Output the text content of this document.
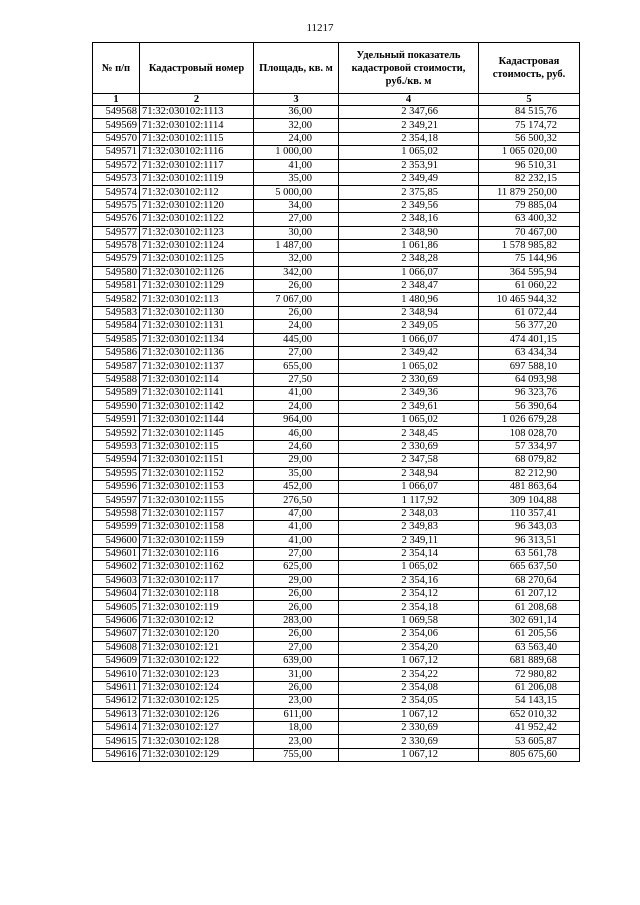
11217
№ п/п	Кадастровый номер	Площадь, кв. м	Удельный показатель кадастровой стоимости, руб./кв. м	Кадастровая стоимость, руб.
1	2	3	4	5
549568	71:32:030102:1113	36,00	2 347,66	84 515,76
549569	71:32:030102:1114	32,00	2 349,21	75 174,72
549570	71:32:030102:1115	24,00	2 354,18	56 500,32
549571	71:32:030102:1116	1 000,00	1 065,02	1 065 020,00
549572	71:32:030102:1117	41,00	2 353,91	96 510,31
549573	71:32:030102:1119	35,00	2 349,49	82 232,15
549574	71:32:030102:112	5 000,00	2 375,85	11 879 250,00
549575	71:32:030102:1120	34,00	2 349,56	79 885,04
549576	71:32:030102:1122	27,00	2 348,16	63 400,32
549577	71:32:030102:1123	30,00	2 348,90	70 467,00
549578	71:32:030102:1124	1 487,00	1 061,86	1 578 985,82
549579	71:32:030102:1125	32,00	2 348,28	75 144,96
549580	71:32:030102:1126	342,00	1 066,07	364 595,94
549581	71:32:030102:1129	26,00	2 348,47	61 060,22
549582	71:32:030102:113	7 067,00	1 480,96	10 465 944,32
549583	71:32:030102:1130	26,00	2 348,94	61 072,44
549584	71:32:030102:1131	24,00	2 349,05	56 377,20
549585	71:32:030102:1134	445,00	1 066,07	474 401,15
549586	71:32:030102:1136	27,00	2 349,42	63 434,34
549587	71:32:030102:1137	655,00	1 065,02	697 588,10
549588	71:32:030102:114	27,50	2 330,69	64 093,98
549589	71:32:030102:1141	41,00	2 349,36	96 323,76
549590	71:32:030102:1142	24,00	2 349,61	56 390,64
549591	71:32:030102:1144	964,00	1 065,02	1 026 679,28
549592	71:32:030102:1145	46,00	2 348,45	108 028,70
549593	71:32:030102:115	24,60	2 330,69	57 334,97
549594	71:32:030102:1151	29,00	2 347,58	68 079,82
549595	71:32:030102:1152	35,00	2 348,94	82 212,90
549596	71:32:030102:1153	452,00	1 066,07	481 863,64
549597	71:32:030102:1155	276,50	1 117,92	309 104,88
549598	71:32:030102:1157	47,00	2 348,03	110 357,41
549599	71:32:030102:1158	41,00	2 349,83	96 343,03
549600	71:32:030102:1159	41,00	2 349,11	96 313,51
549601	71:32:030102:116	27,00	2 354,14	63 561,78
549602	71:32:030102:1162	625,00	1 065,02	665 637,50
549603	71:32:030102:117	29,00	2 354,16	68 270,64
549604	71:32:030102:118	26,00	2 354,12	61 207,12
549605	71:32:030102:119	26,00	2 354,18	61 208,68
549606	71:32:030102:12	283,00	1 069,58	302 691,14
549607	71:32:030102:120	26,00	2 354,06	61 205,56
549608	71:32:030102:121	27,00	2 354,20	63 563,40
549609	71:32:030102:122	639,00	1 067,12	681 889,68
549610	71:32:030102:123	31,00	2 354,22	72 980,82
549611	71:32:030102:124	26,00	2 354,08	61 206,08
549612	71:32:030102:125	23,00	2 354,05	54 143,15
549613	71:32:030102:126	611,00	1 067,12	652 010,32
549614	71:32:030102:127	18,00	2 330,69	41 952,42
549615	71:32:030102:128	23,00	2 330,69	53 605,87
549616	71:32:030102:129	755,00	1 067,12	805 675,60
